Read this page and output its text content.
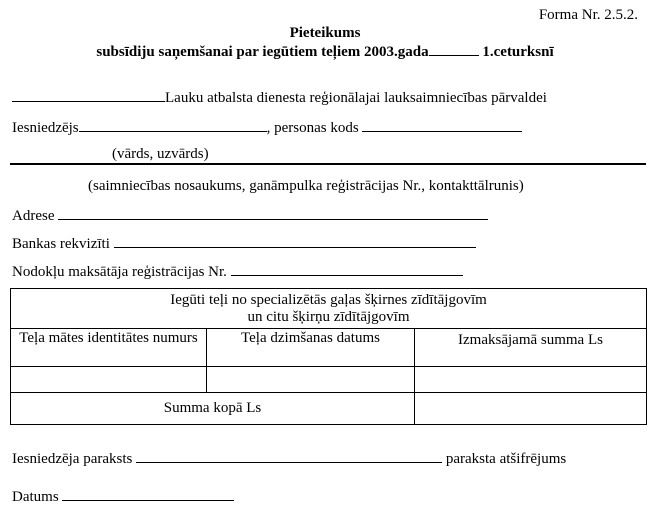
Forma Nr. 2.5.2.
Pieteikums
subsīdiju saņemšanai par iegūtiem teļiem 2003.gada	1.ceturksnī
Lauku atbalsta dienesta reģionālajai lauksaimniecības pārvaldei
Iesniedzējs	, personas kods
(vārds, uzvārds)
(saimniecības nosaukums, ganāmpulka reģistrācijas Nr., kontakttālrunis)
Adrese
Bankas rekvizīti
Nodokļu maksātāja reģistrācijas Nr.
Iegūti teļi no specializētās gaļas šķirnes zīdītājgovīm
un citu šķirņu zīdītājgovīm		

Teļa mātes identitātes numurs	Teļa dzimšanas datums	Izmaksājamā summa Ls

Summa kopā Ls		
Iesniedzēja paraksts	paraksta atšifrējums
Datums
